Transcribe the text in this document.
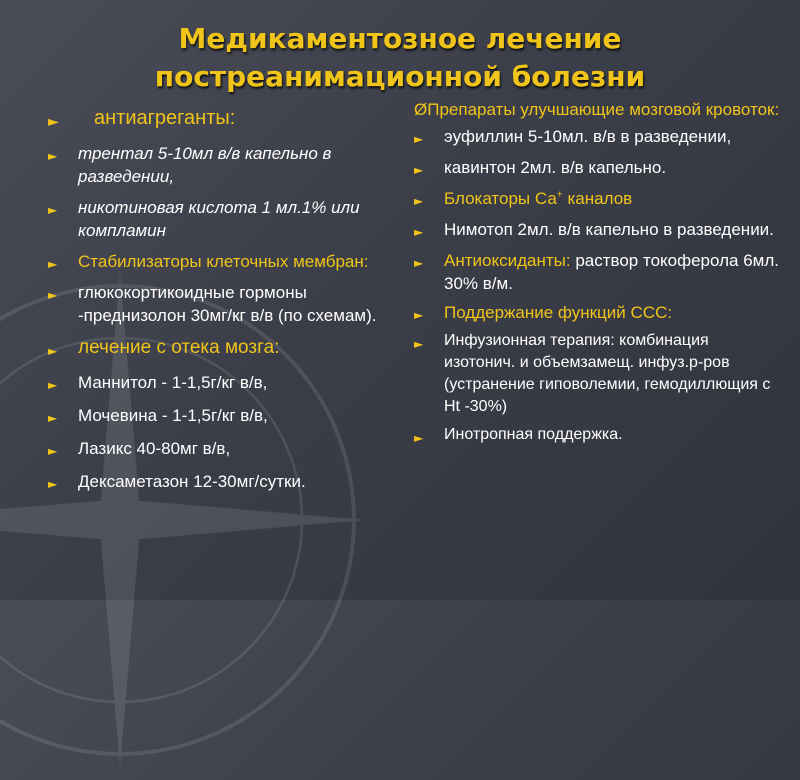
Медикаментозное лечение
постреанимационной болезни
► антиагреганты:
► трентал 5-10мл в/в капельно в разведении,
► никотиновая кислота 1 мл.1% или компламин
► Стабилизаторы клеточных мембран:
► глюкокортикоидные гормоны -преднизолон 30мг/кг в/в (по схемам).
► лечение с отека мозга:
► Маннитол - 1-1,5г/кг в/в,
► Мочевина - 1-1,5г/кг в/в,
► Лазикс 40-80мг в/в,
► Дексаметазон 12-30мг/сутки.
ØПрепараты улучшающие мозговой кровоток:
► эуфиллин 5-10мл. в/в в разведении,
► кавинтон 2мл. в/в капельно.
► Блокаторы Са+ каналов
► Нимотоп 2мл. в/в капельно в разведении.
► Антиоксиданты: раствор токоферола 6мл. 30% в/м.
► Поддержание функций ССС:
► Инфузионная терапия: комбинация изотонич. и объемзамещ. инфуз.р-ров (устранение гиповолемии, гемодиллющия с Ht -30%)
► Инотропная поддержка.
